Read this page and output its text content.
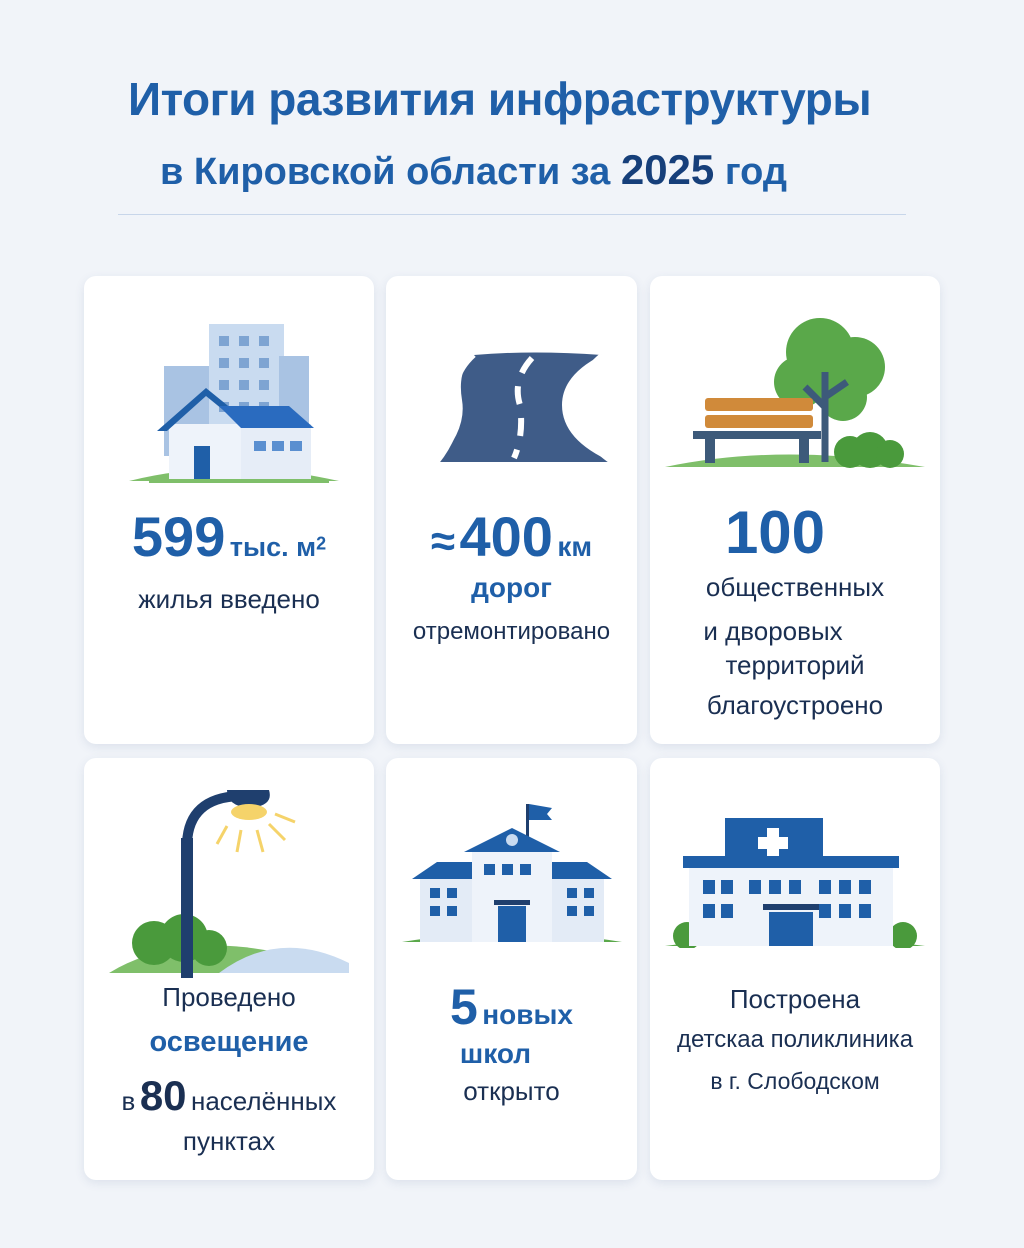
Итоги развития инфраструктуры
в Кировской области за 2025 год
599 тыс. $м^2$
жилья введено
≈ 400 км
дорог
отремонтировано
100
общественных
и дворовых
территорий
благоустроено
Проведено
освещение
в 80 населённых
пунктах
5 новых
школ
открыто
Построена
детскаа поликлиника
в г. Слободском
